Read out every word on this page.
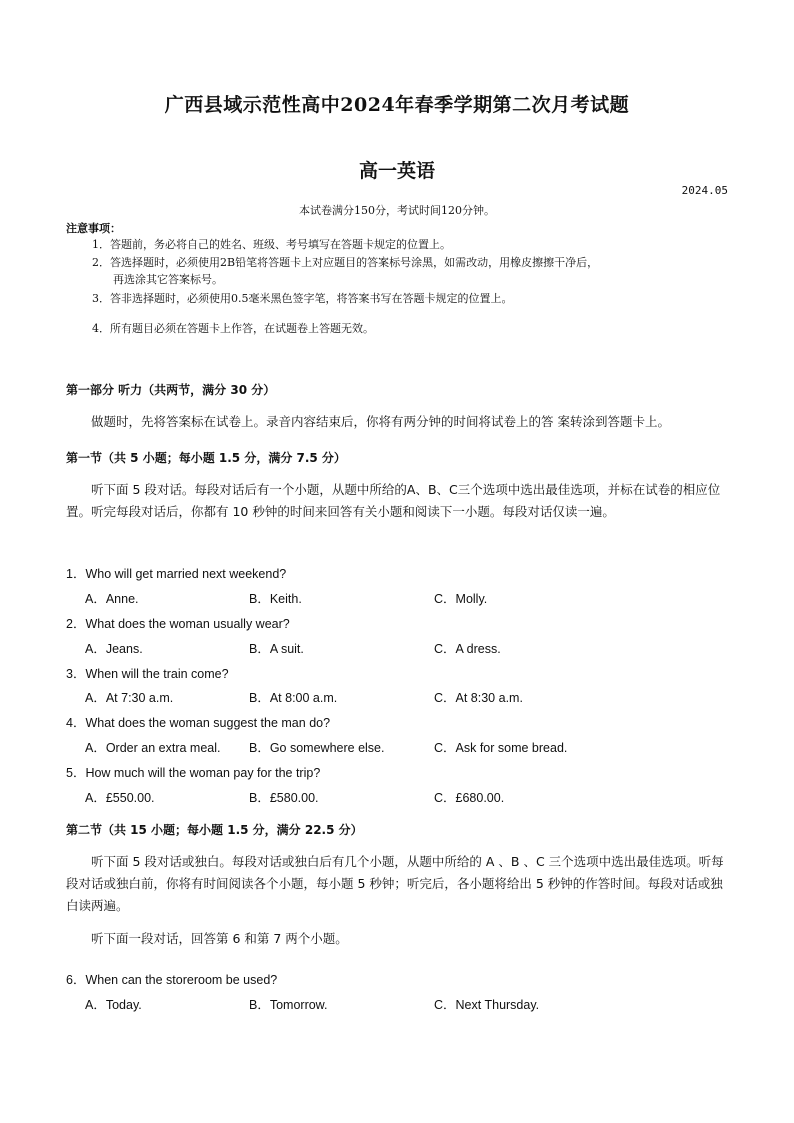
广西县域示范性高中2024年春季学期第二次月考试题
高一英语
2024.05
本试卷满分150分，考试时间120分钟。
注意事项：
1．答题前，务必将自己的姓名、班级、考号填写在答题卡规定的位置上。
2．答选择题时，必须使用2B铅笔将答题卡上对应题目的答案标号涂黑，如需改动，用橡皮擦擦干净后，
再选涂其它答案标号。
3．答非选择题时，必须使用0.5毫米黑色签字笔，将答案书写在答题卡规定的位置上。
4．所有题目必须在答题卡上作答，在试题卷上答题无效。
第一部分 听力（共两节，满分 30 分）
做题时，先将答案标在试卷上。录音内容结束后，你将有两分钟的时间将试卷上的答 案转涂到答题卡上。
第一节（共 5 小题；每小题 1.5 分，满分 7.5 分）
听下面 5 段对话。每段对话后有一个小题，从题中所给的A、B、C三个选项中选出最佳选项，并标在试卷的相应位置。听完每段对话后，你都有 10 秒钟的时间来回答有关小题和阅读下一小题。每段对话仅读一遍。
1．Who will get married next weekend?
A．Anne.	B．Keith.	C．Molly.
2．What does the woman usually wear?
A．Jeans.	B．A suit.	C．A dress.
3．When will the train come?
A．At 7:30 a.m.	B．At 8:00 a.m.	C．At 8:30 a.m.
4．What does the woman suggest the man do?
A．Order an extra meal. B．Go somewhere else.	C．Ask for some bread.
5．How much will the woman pay for the trip?
A．£550.00.	B．£580.00.	C．£680.00.
第二节（共 15 小题；每小题 1.5 分，满分 22.5 分）
听下面 5 段对话或独白。每段对话或独白后有几个小题，从题中所给的 A 、B 、C 三个选项中选出最佳选项。听每段对话或独白前，你将有时间阅读各个小题，每小题 5 秒钟；听完后，各小题将给出 5 秒钟的作答时间。每段对话或独白读两遍。
听下面一段对话，回答第 6 和第 7 两个小题。
6．When can the storeroom be used?
A．Today.	B．Tomorrow.	C．Next Thursday.
